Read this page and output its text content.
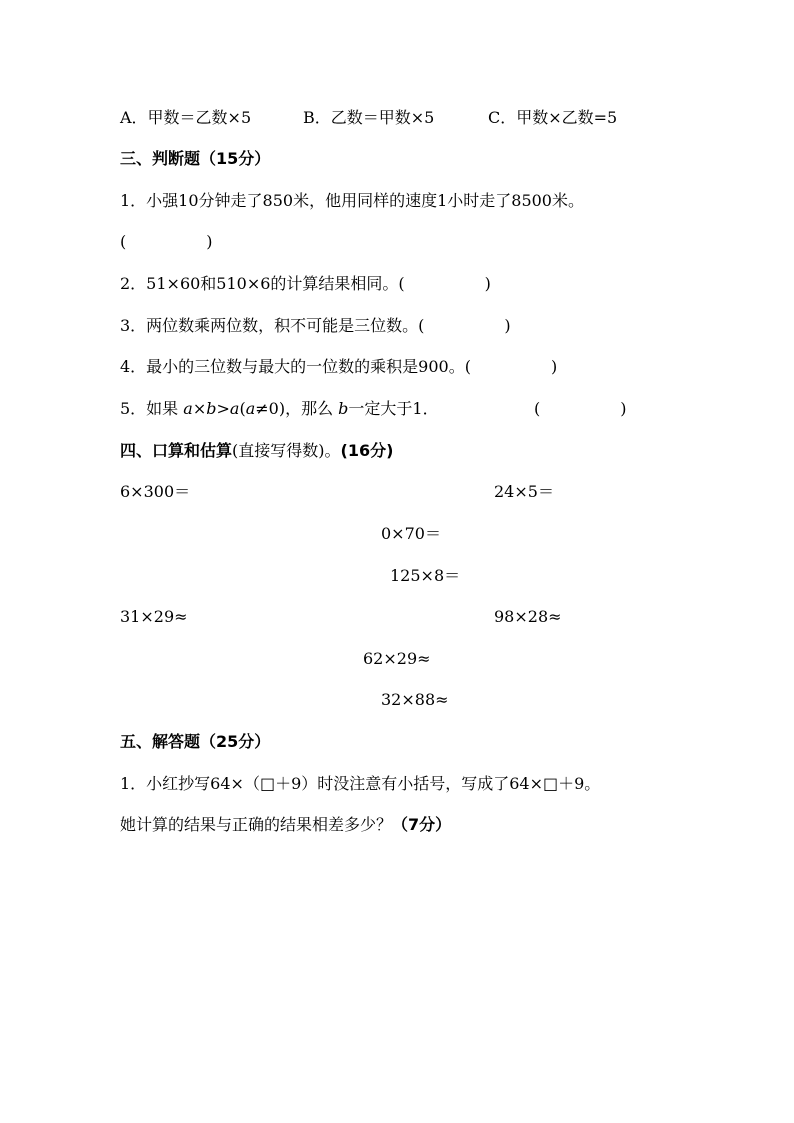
A．甲数＝乙数×5	B．乙数＝甲数×5	C．甲数×乙数=5
三、判断题（15分）
1．小强10分钟走了850米，他用同样的速度1小时走了8500米。
(　　　　　)
2．51×60和510×6的计算结果相同。(　　　　　)
3．两位数乘两位数，积不可能是三位数。(　　　　　)
4．最小的三位数与最大的一位数的乘积是900。(　　　　　)
5．如果 a×b>a(a≠0)，那么 b一定大于1．	(　　　　　)
四、口算和估算(直接写得数)。(16分)
6×300＝	24×5＝
0×70＝
125×8＝
31×29≈	98×28≈
62×29≈
32×88≈
五、解答题（25分）
1．小红抄写64×（□＋9）时没注意有小括号，写成了64×□＋9。
她计算的结果与正确的结果相差多少？（7分）
